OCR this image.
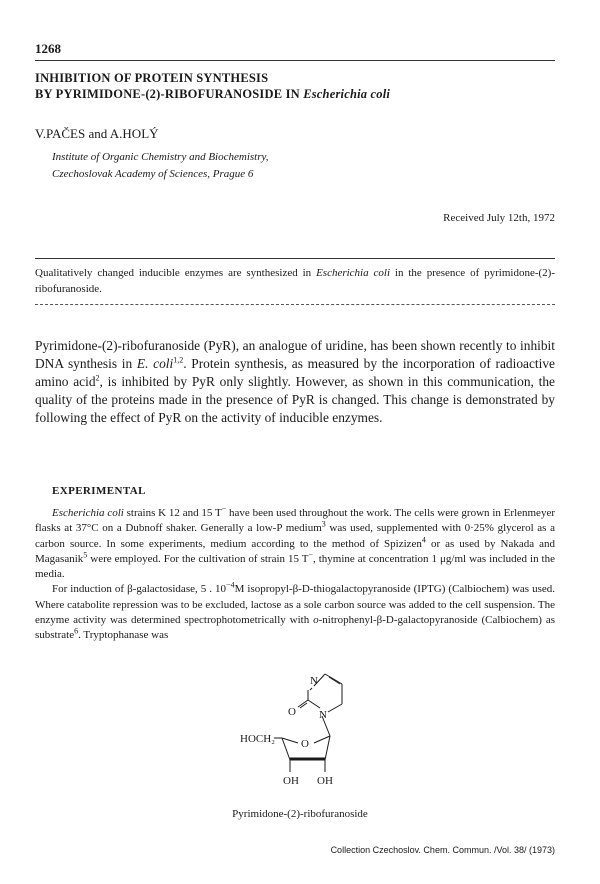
1268
INHIBITION OF PROTEIN SYNTHESIS
BY PYRIMIDONE-(2)-RIBOFURANOSIDE IN Escherichia coli
V.PAČES and A.HOLÝ
Institute of Organic Chemistry and Biochemistry,
Czechoslovak Academy of Sciences, Prague 6
Received July 12th, 1972
Qualitatively changed inducible enzymes are synthesized in Escherichia coli in the presence of pyrimidone-(2)-ribofuranoside.
Pyrimidone-(2)-ribofuranoside (PyR), an analogue of uridine, has been shown recently to inhibit DNA synthesis in E. coli$^{1,2}$. Protein synthesis, as measured by the incorporation of radioactive amino acid$^2$, is inhibited by PyR only slightly. However, as shown in this communication, the quality of the proteins made in the presence of PyR is changed. This change is demonstrated by following the effect of PyR on the activity of inducible enzymes.
EXPERIMENTAL

Escherichia coli strains K 12 and 15 T− have been used throughout the work. The cells were grown in Erlenmeyer flasks at 37°C on a Dubnoff shaker. Generally a low-P medium$^3$ was used, supplemented with 0·25% glycerol as a carbon source. In some experiments, medium according to the method of Spizizen$^4$ or as used by Nakada and Magasanik$^5$ were employed. For the cultivation of strain 15 T−, thymine at concentration 1 μg/ml was included in the media.

For induction of β-galactosidase, 5 . $10^{-4}M$ isopropyl-β-D-thiogalactopyranoside (IPTG) (Calbiochem) was used. Where catabolite repression was to be excluded, lactose as a sole carbon source was added to the cell suspension. The enzyme activity was determined spectrophotometrically with o-nitrophenyl-β-D-galactopyranoside (Calbiochem) as substrate$^6$. Tryptophanase was

N
N
O
O
HOCH₂
OH OH
Pyrimidone-(2)-ribofuranoside
Collection Czechoslov. Chem. Commun. /Vol. 38/ (1973)
